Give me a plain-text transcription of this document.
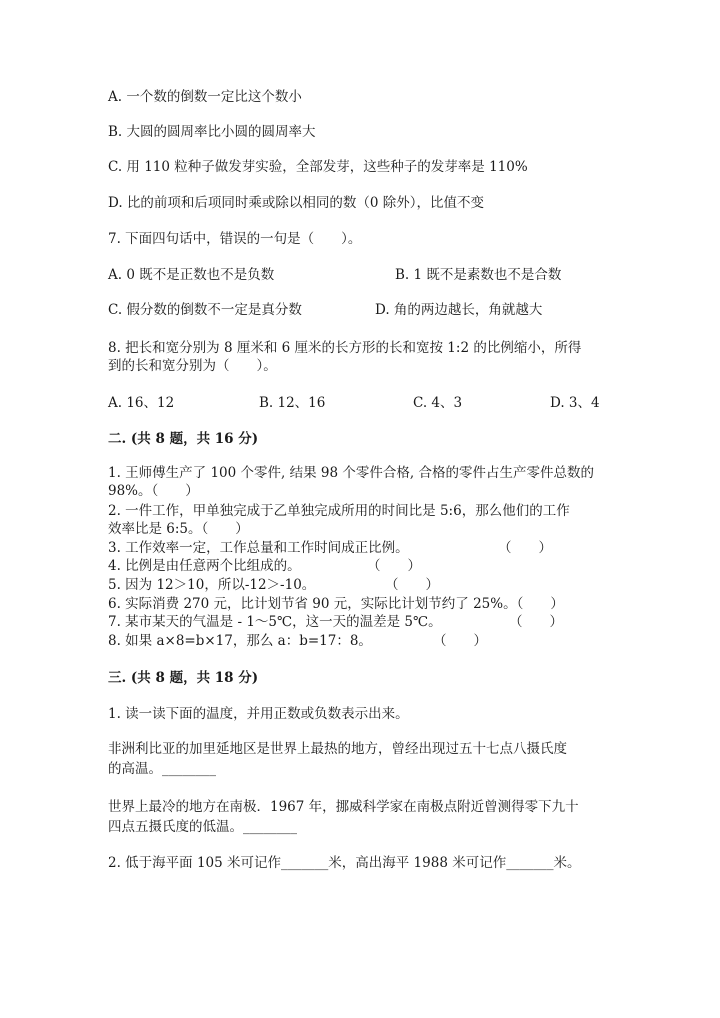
A. 一个数的倒数一定比这个数小
B. 大圆的圆周率比小圆的圆周率大
C. 用 110 粒种子做发芽实验，全部发芽，这些种子的发芽率是 110%
D. 比的前项和后项同时乘或除以相同的数（0 除外），比值不变
7. 下面四句话中，错误的一句是（　　）。
A. 0 既不是正数也不是负数	B. 1 既不是素数也不是合数
C. 假分数的倒数不一定是真分数	D. 角的两边越长，角就越大
8. 把长和宽分别为 8 厘米和 6 厘米的长方形的长和宽按 1:2 的比例缩小，所得
到的长和宽分别为（　　）。
A. 16、12	B. 12、16	C. 4、3	D. 3、4
二. (共 8 题，共 16 分)
1. 王师傅生产了 100 个零件, 结果 98 个零件合格, 合格的零件占生产零件总数的
98%。（　　）
2. 一件工作，甲单独完成于乙单独完成所用的时间比是 5:6，那么他们的工作
效率比是 6:5。（　　）
3. 工作效率一定，工作总量和工作时间成正比例。	（　　）
4. 比例是由任意两个比组成的。	（　　）
5. 因为 12＞10，所以-12＞-10。	（　　）
6. 实际消费 270 元，比计划节省 90 元，实际比计划节约了 25%。（　　）
7. 某市某天的气温是 - 1～5℃，这一天的温差是 5℃。	（　　）
8. 如果 a×8=b×17，那么 a：b=17：8。	（　　）
三. (共 8 题，共 18 分)
1. 读一读下面的温度，并用正数或负数表示出来。
非洲利比亚的加里延地区是世界上最热的地方，曾经出现过五十七点八摄氏度
的高温。________
世界上最冷的地方在南极．1967 年，挪威科学家在南极点附近曾测得零下九十
四点五摄氏度的低温。________
2. 低于海平面 105 米可记作_______米，高出海平 1988 米可记作_______米。
